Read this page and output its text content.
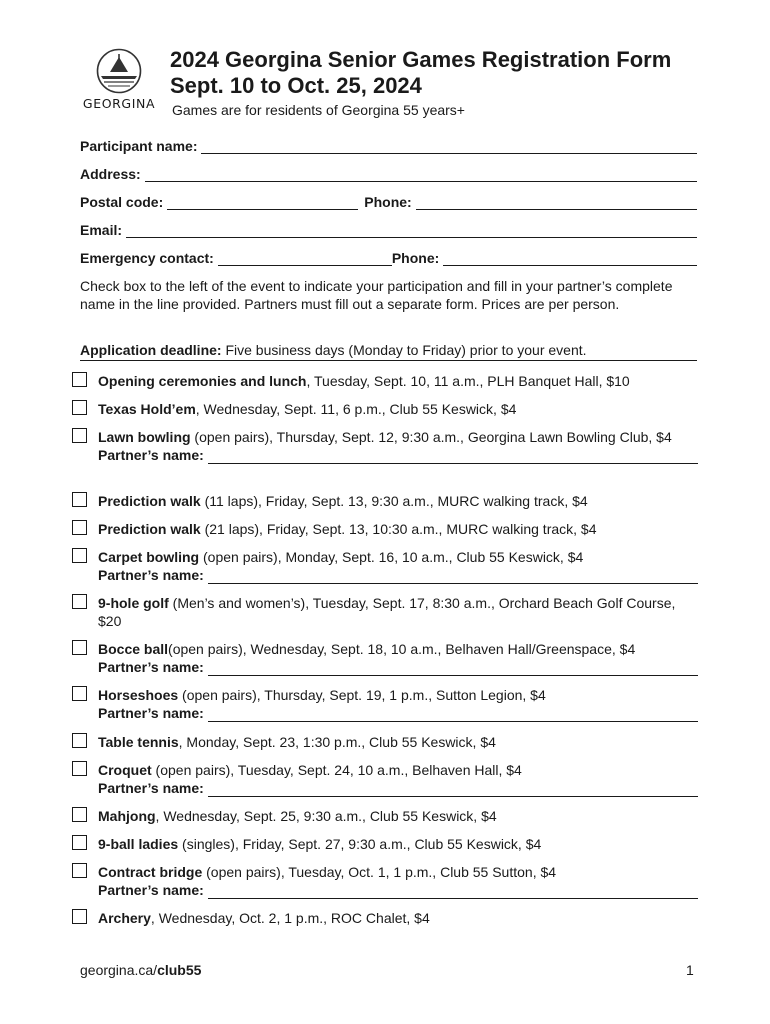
GEORGINA
2024 Georgina Senior Games Registration Form
Sept. 10 to Oct. 25, 2024
Games are for residents of Georgina 55 years+
Participant name:
Address:
Postal code:	Phone:
Email:
Emergency contact:	Phone:
Check box to the left of the event to indicate your participation and fill in your partner’s complete name in the line provided. Partners must fill out a separate form. Prices are per person.
Application deadline: Five business days (Monday to Friday) prior to your event.
Opening ceremonies and lunch, Tuesday, Sept. 10, 11 a.m., PLH Banquet Hall, $10
Texas Hold’em, Wednesday, Sept. 11, 6 p.m., Club 55 Keswick, $4
Lawn bowling (open pairs), Thursday, Sept. 12, 9:30 a.m., Georgina Lawn Bowling Club, $4
Partner’s name:
Prediction walk (11 laps), Friday, Sept. 13, 9:30 a.m., MURC walking track, $4
Prediction walk (21 laps), Friday, Sept. 13, 10:30 a.m., MURC walking track, $4
Carpet bowling (open pairs), Monday, Sept. 16, 10 a.m., Club 55 Keswick, $4
Partner’s name:
9-hole golf (Men’s and women’s), Tuesday, Sept. 17, 8:30 a.m., Orchard Beach Golf Course, $20
Bocce ball(open pairs), Wednesday, Sept. 18, 10 a.m., Belhaven Hall/Greenspace, $4
Partner’s name:
Horseshoes (open pairs), Thursday, Sept. 19, 1 p.m., Sutton Legion, $4
Partner’s name:
Table tennis, Monday, Sept. 23, 1:30 p.m., Club 55 Keswick, $4
Croquet (open pairs), Tuesday, Sept. 24, 10 a.m., Belhaven Hall, $4
Partner’s name:
Mahjong, Wednesday, Sept. 25, 9:30 a.m., Club 55 Keswick, $4
9-ball ladies (singles), Friday, Sept. 27, 9:30 a.m., Club 55 Keswick, $4
Contract bridge (open pairs), Tuesday, Oct. 1, 1 p.m., Club 55 Sutton, $4
Partner’s name:
Archery, Wednesday, Oct. 2, 1 p.m., ROC Chalet, $4
georgina.ca/club55	1
